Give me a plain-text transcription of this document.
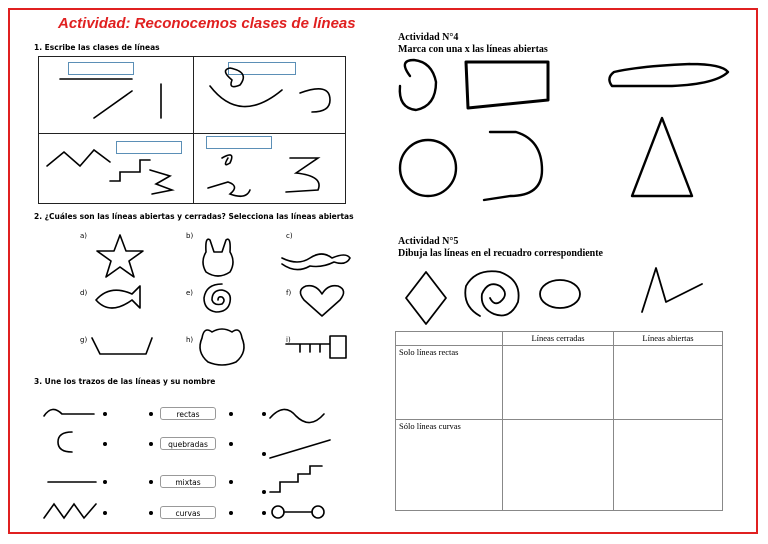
Actividad: Reconocemos clases de líneas
1. Escribe las clases de líneas
2. ¿Cuáles son las líneas abiertas y cerradas? Selecciona las líneas abiertas
a)	b)	c)
d)	e)	f)
g)	h)	i)
3. Une los trazos de las líneas y su nombre
rectas
quebradas
mixtas
curvas
Actividad N°4
Marca con una x las líneas abiertas
Actividad N°5
Dibuja las líneas en el recuadro correspondiente
	Líneas cerradas	Líneas abiertas
Solo líneas rectas		
Sólo líneas curvas		
